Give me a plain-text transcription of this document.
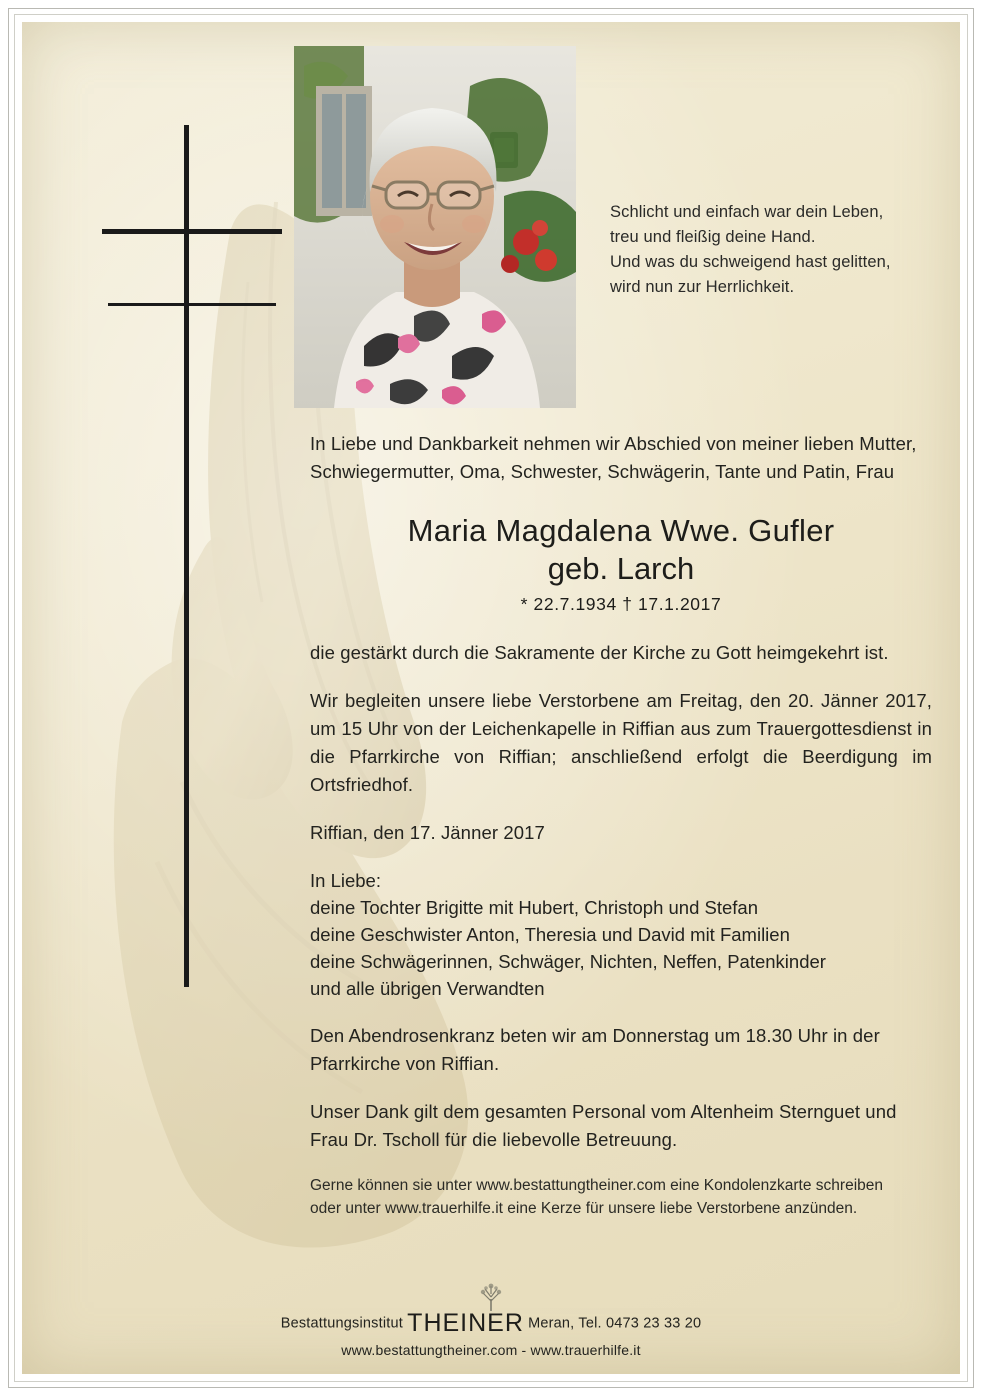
Schlicht und einfach war dein Leben,
treu und fleißig deine Hand.
Und was du schweigend hast gelitten,
wird nun zur Herrlichkeit.

In Liebe und Dankbarkeit nehmen wir Abschied von meiner lieben Mutter, Schwiegermutter, Oma, Schwester, Schwägerin, Tante und Patin, Frau

Maria Magdalena Wwe. Gufler
geb. Larch
* 22.7.1934 † 17.1.2017

die gestärkt durch die Sakramente der Kirche zu Gott heimgekehrt ist.

Wir begleiten unsere liebe Verstorbene am Freitag, den 20. Jänner 2017, um 15 Uhr von der Leichenkapelle in Riffian aus zum Trauergottesdienst in die Pfarrkirche von Riffian; anschließend erfolgt die Beerdigung im Ortsfriedhof.

Riffian, den 17. Jänner 2017

In Liebe:
deine Tochter Brigitte mit Hubert, Christoph und Stefan
deine Geschwister Anton, Theresia und David mit Familien
deine Schwägerinnen, Schwäger, Nichten, Neffen, Patenkinder
und alle übrigen Verwandten

Den Abendrosenkranz beten wir am Donnerstag um 18.30 Uhr in der Pfarrkirche von Riffian.

Unser Dank gilt dem gesamten Personal vom Altenheim Sternguet und Frau Dr. Tscholl für die liebevolle Betreuung.

Gerne können sie unter www.bestattungtheiner.com eine Kondolenzkarte schreiben
oder unter www.trauerhilfe.it eine Kerze für unsere liebe Verstorbene anzünden.
Bestattungsinstitut THEINER Meran, Tel. 0473 23 33 20
www.bestattungtheiner.com - www.trauerhilfe.it
